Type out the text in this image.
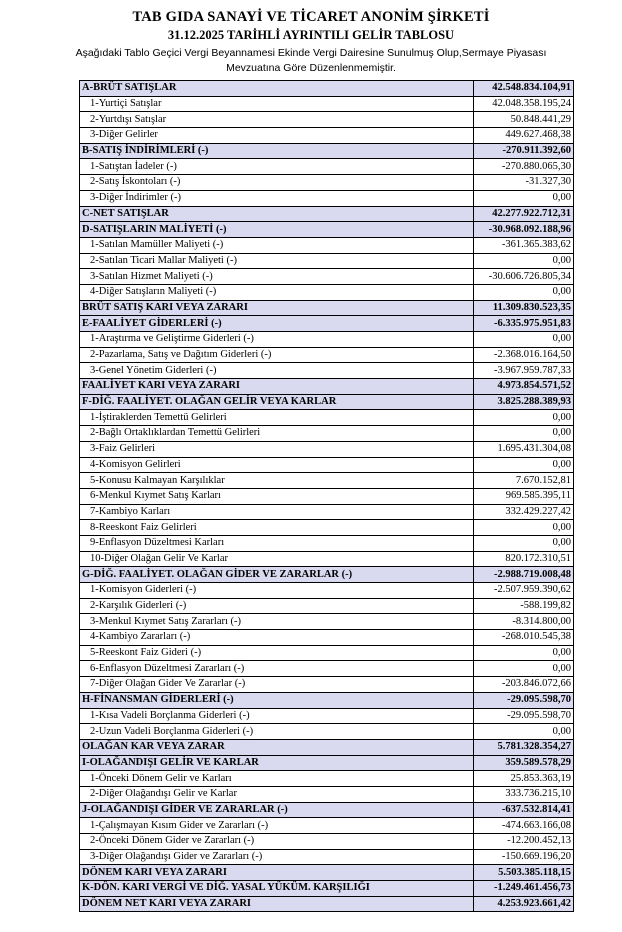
TAB GIDA SANAYİ VE TİCARET ANONİM ŞİRKETİ
31.12.2025 TARİHLİ AYRINTILI GELİR TABLOSU
Aşağıdaki Tablo Geçici Vergi Beyannamesi Ekinde Vergi Dairesine Sunulmuş Olup,Sermaye Piyasası
Mevzuatına Göre Düzenlenmemiştir.
A-BRÜT SATIŞLAR	42.548.834.104,91
1-Yurtiçi Satışlar	42.048.358.195,24
2-Yurtdışı Satışlar	50.848.441,29
3-Diğer Gelirler	449.627.468,38
B-SATIŞ İNDİRİMLERİ (-)	-270.911.392,60
1-Satıştan İadeler (-)	-270.880.065,30
2-Satış İskontoları (-)	-31.327,30
3-Diğer İndirimler (-)	0,00
C-NET SATIŞLAR	42.277.922.712,31
D-SATIŞLARIN MALİYETİ (-)	-30.968.092.188,96
1-Satılan Mamüller Maliyeti (-)	-361.365.383,62
2-Satılan Ticari Mallar Maliyeti (-)	0,00
3-Satılan Hizmet Maliyeti (-)	-30.606.726.805,34
4-Diğer Satışların Maliyeti (-)	0,00
BRÜT SATIŞ KARI VEYA ZARARI	11.309.830.523,35
E-FAALİYET GİDERLERİ (-)	-6.335.975.951,83
1-Araştırma ve Geliştirme Giderleri (-)	0,00
2-Pazarlama, Satış ve Dağıtım Giderleri (-)	-2.368.016.164,50
3-Genel Yönetim Giderleri (-)	-3.967.959.787,33
FAALİYET KARI VEYA ZARARI	4.973.854.571,52
F-DİĞ. FAALİYET. OLAĞAN GELİR VEYA KARLAR	3.825.288.389,93
1-İştiraklerden Temettü Gelirleri	0,00
2-Bağlı Ortaklıklardan Temettü Gelirleri	0,00
3-Faiz Gelirleri	1.695.431.304,08
4-Komisyon Gelirleri	0,00
5-Konusu Kalmayan Karşılıklar	7.670.152,81
6-Menkul Kıymet Satış Karları	969.585.395,11
7-Kambiyo Karları	332.429.227,42
8-Reeskont Faiz Gelirleri	0,00
9-Enflasyon Düzeltmesi Karları	0,00
10-Diğer Olağan Gelir Ve Karlar	820.172.310,51
G-DİĞ. FAALİYET. OLAĞAN GİDER VE ZARARLAR (-)	-2.988.719.008,48
1-Komisyon Giderleri (-)	-2.507.959.390,62
2-Karşılık Giderleri (-)	-588.199,82
3-Menkul Kıymet Satış Zararları (-)	-8.314.800,00
4-Kambiyo Zararları (-)	-268.010.545,38
5-Reeskont Faiz Gideri (-)	0,00
6-Enflasyon Düzeltmesi Zararları (-)	0,00
7-Diğer Olağan Gider Ve Zararlar (-)	-203.846.072,66
H-FİNANSMAN GİDERLERİ (-)	-29.095.598,70
1-Kısa Vadeli Borçlanma Giderleri (-)	-29.095.598,70
2-Uzun Vadeli Borçlanma Giderleri (-)	0,00
OLAĞAN KAR VEYA ZARAR	5.781.328.354,27
I-OLAĞANDIŞI GELİR VE KARLAR	359.589.578,29
1-Önceki Dönem Gelir ve Karları	25.853.363,19
2-Diğer Olağandışı Gelir ve Karlar	333.736.215,10
J-OLAĞANDIŞI GİDER VE ZARARLAR (-)	-637.532.814,41
1-Çalışmayan Kısım Gider ve Zararları (-)	-474.663.166,08
2-Önceki Dönem Gider ve Zararları (-)	-12.200.452,13
3-Diğer Olağandışı Gider ve Zararları (-)	-150.669.196,20
DÖNEM KARI VEYA ZARARI	5.503.385.118,15
K-DÖN. KARI VERGİ VE DİĞ. YASAL YÜKÜM. KARŞILIĞI	-1.249.461.456,73
DÖNEM NET KARI VEYA ZARARI	4.253.923.661,42
